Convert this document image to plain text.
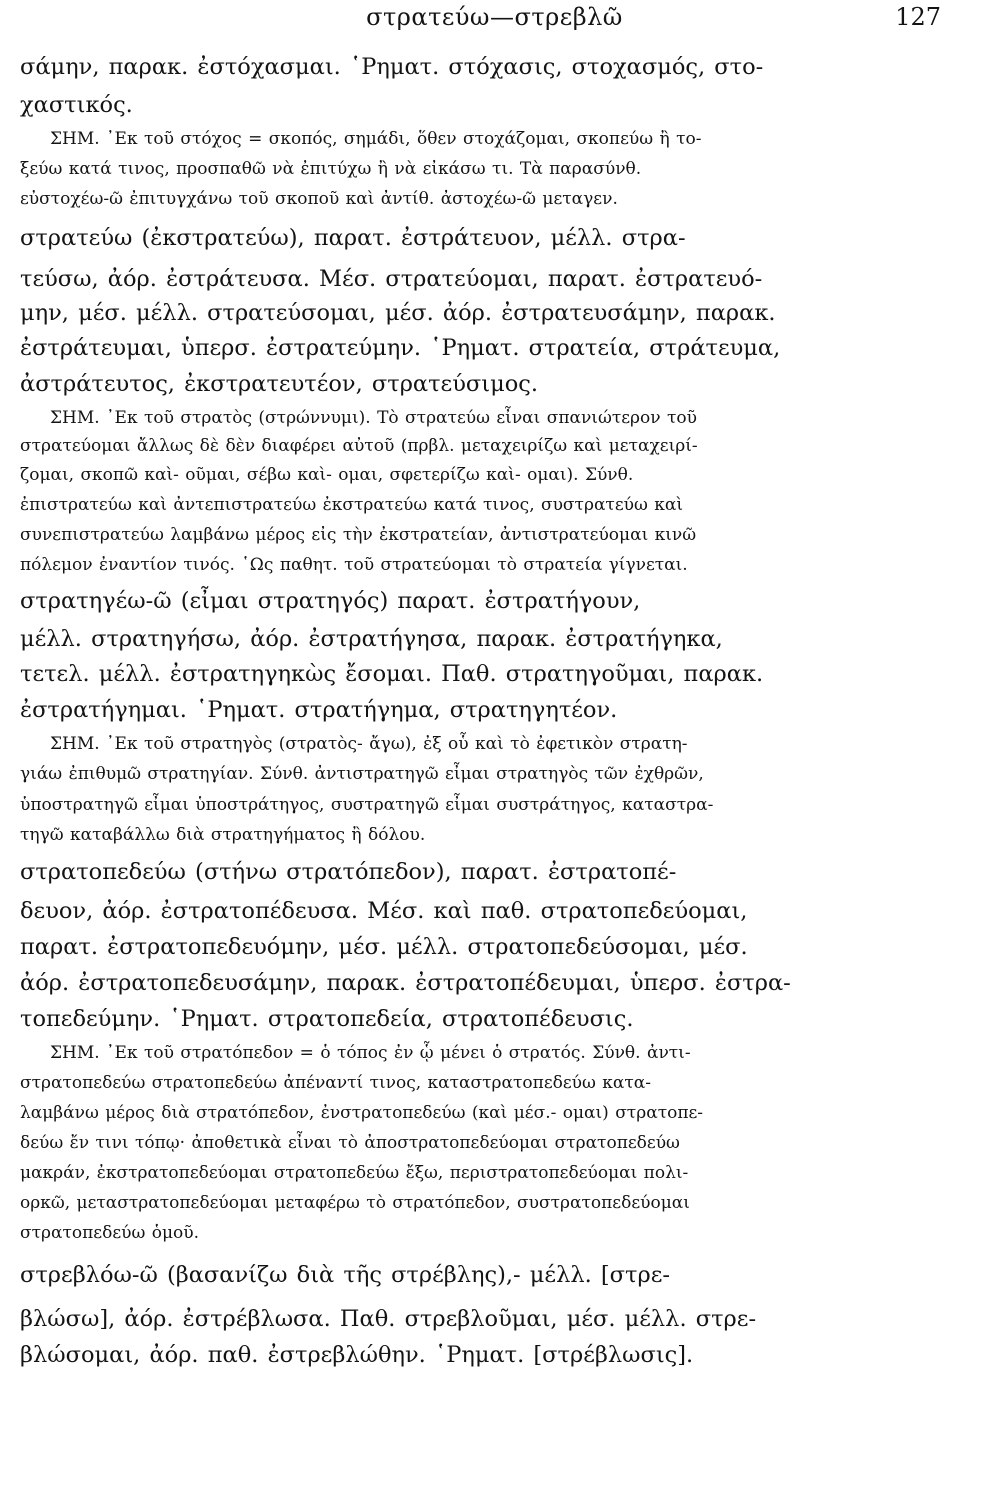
στρατεύω—στρεβλῶ	127
σάμην, παρακ. ἐστόχασμαι. ῾Ρηματ. στόχασις, στοχασμός, στο-
χαστικός.
ΣΗΜ. ᾿Εκ τοῦ στόχος = σκοπός, σημάδι, ὅθεν στοχάζομαι, σκοπεύω ἢ το-
ξεύω κατά τινος, προσπαθῶ νὰ ἐπιτύχω ἢ νὰ εἰκάσω τι. Τὰ παρασύνθ.
εὐστοχέω-ῶ ἐπιτυγχάνω τοῦ σκοποῦ καὶ ἀντίθ. ἀστοχέω-ῶ μεταγεν.
στρατεύω (ἐκστρατεύω), παρατ. ἐστράτευον, μέλλ. στρα-
τεύσω, ἀόρ. ἐστράτευσα. Μέσ. στρατεύομαι, παρατ. ἐστρατευό-
μην, μέσ. μέλλ. στρατεύσομαι, μέσ. ἀόρ. ἐστρατευσάμην, παρακ.
ἐστράτευμαι, ὑπερσ. ἐστρατεύμην. ῾Ρηματ. στρατεία, στράτευμα,
ἀστράτευτος, ἐκστρατευτέον, στρατεύσιμος.
ΣΗΜ. ᾿Εκ τοῦ στρατὸς (στρώννυμι). Τὸ στρατεύω εἶναι σπανιώτερον τοῦ
στρατεύομαι ἄλλως δὲ δὲν διαφέρει αὐτοῦ (πρβλ. μεταχειρίζω καὶ μεταχειρί-
ζομαι, σκοπῶ καὶ- οῦμαι, σέβω καὶ- ομαι, σφετερίζω καὶ- ομαι). Σύνθ.
ἐπιστρατεύω καὶ ἀντεπιστρατεύω ἐκστρατεύω κατά τινος, συστρατεύω καὶ
συνεπιστρατεύω λαμβάνω μέρος εἰς τὴν ἐκστρατείαν, ἀντιστρατεύομαι κινῶ
πόλεμον ἐναντίον τινός. ῾Ως παθητ. τοῦ στρατεύομαι τὸ στρατεία γίγνεται.
στρατηγέω-ῶ (εἶμαι στρατηγός) παρατ. ἐστρατήγουν,
μέλλ. στρατηγήσω, ἀόρ. ἐστρατήγησα, παρακ. ἐστρατήγηκα,
τετελ. μέλλ. ἐστρατηγηκὼς ἔσομαι. Παθ. στρατηγοῦμαι, παρακ.
ἐστρατήγημαι. ῾Ρηματ. στρατήγημα, στρατηγητέον.
ΣΗΜ. ᾿Εκ τοῦ στρατηγὸς (στρατὸς- ἄγω), ἐξ οὗ καὶ τὸ ἐφετικὸν στρατη-
γιάω ἐπιθυμῶ στρατηγίαν. Σύνθ. ἀντιστρατηγῶ εἶμαι στρατηγὸς τῶν ἐχθρῶν,
ὑποστρατηγῶ εἶμαι ὑποστράτηγος, συστρατηγῶ εἶμαι συστράτηγος, καταστρα-
τηγῶ καταβάλλω διὰ στρατηγήματος ἢ δόλου.
στρατοπεδεύω (στήνω στρατόπεδον), παρατ. ἐστρατοπέ-
δευον, ἀόρ. ἐστρατοπέδευσα. Μέσ. καὶ παθ. στρατοπεδεύομαι,
παρατ. ἐστρατοπεδευόμην, μέσ. μέλλ. στρατοπεδεύσομαι, μέσ.
ἀόρ. ἐστρατοπεδευσάμην, παρακ. ἐστρατοπέδευμαι, ὑπερσ. ἐστρα-
τοπεδεύμην. ῾Ρηματ. στρατοπεδεία, στρατοπέδευσις.
ΣΗΜ. ᾿Εκ τοῦ στρατόπεδον = ὁ τόπος ἐν ᾧ μένει ὁ στρατός. Σύνθ. ἀντι-
στρατοπεδεύω στρατοπεδεύω ἀπέναντί τινος, καταστρατοπεδεύω κατα-
λαμβάνω μέρος διὰ στρατόπεδον, ἐνστρατοπεδεύω (καὶ μέσ.- ομαι) στρατοπε-
δεύω ἔν τινι τόπῳ· ἀποθετικὰ εἶναι τὸ ἀποστρατοπεδεύομαι στρατοπεδεύω
μακράν, ἐκστρατοπεδεύομαι στρατοπεδεύω ἔξω, περιστρατοπεδεύομαι πολι-
ορκῶ, μεταστρατοπεδεύομαι μεταφέρω τὸ στρατόπεδον, συστρατοπεδεύομαι
στρατοπεδεύω ὁμοῦ.
στρεβλόω-ῶ (βασανίζω διὰ τῆς στρέβλης),- μέλλ. [στρε-
βλώσω], ἀόρ. ἐστρέβλωσα. Παθ. στρεβλοῦμαι, μέσ. μέλλ. στρε-
βλώσομαι, ἀόρ. παθ. ἐστρεβλώθην. ῾Ρηματ. [στρέβλωσις].
